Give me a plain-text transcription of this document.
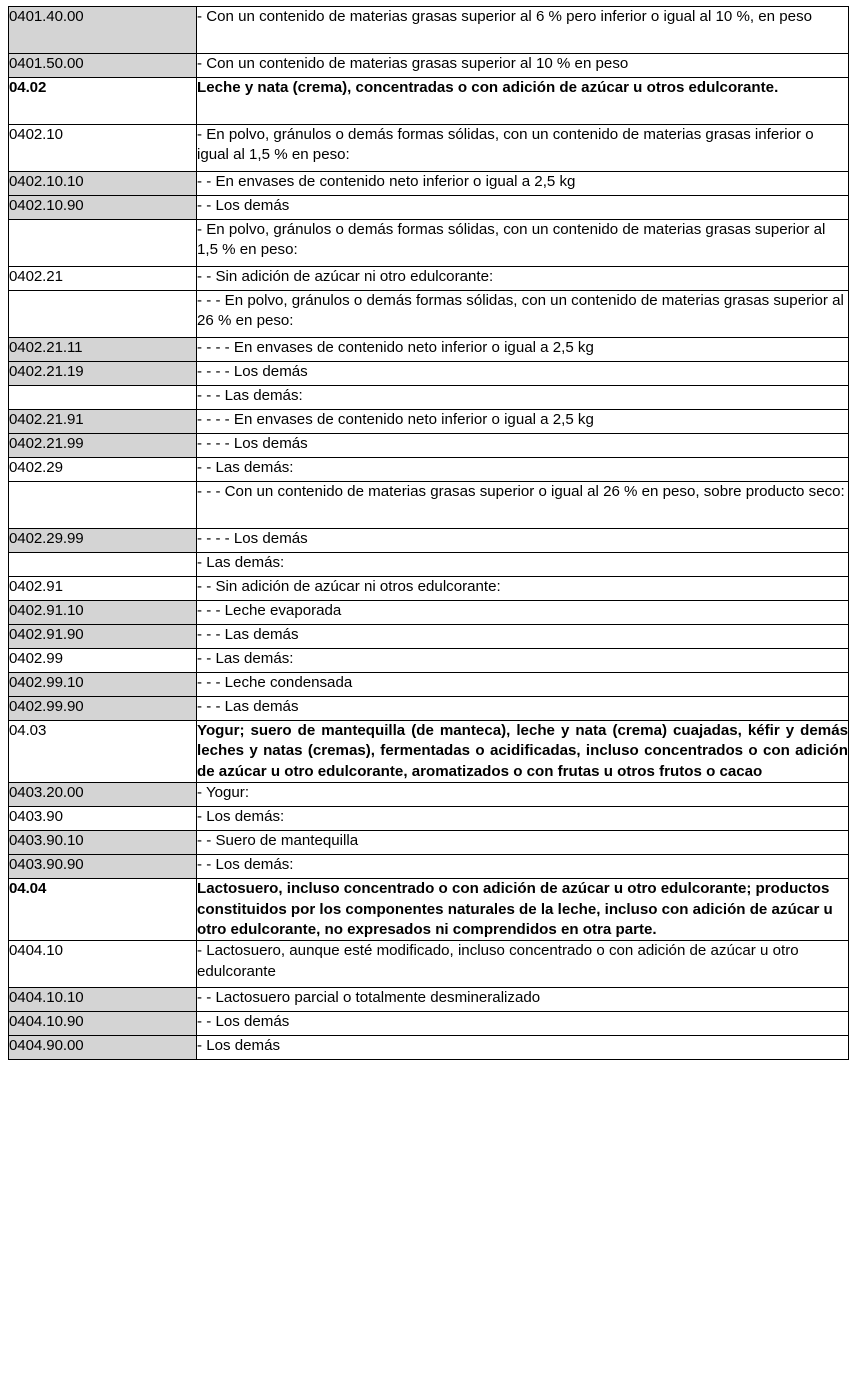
0401.40.00	- Con un contenido de materias grasas superior al 6 % pero inferior o igual al 10 %, en peso

0401.50.00	- Con un contenido de materias grasas superior al 10 % en peso

04.02	Leche y nata (crema), concentradas o con adición de azúcar u otros edulcorante.

0402.10	- En polvo, gránulos o demás formas sólidas, con un contenido de materias grasas inferior o igual al 1,5 % en peso:

0402.10.10	- - En envases de contenido neto inferior o igual a 2,5 kg

0402.10.90	- - Los demás

	- En polvo, gránulos o demás formas sólidas, con un contenido de materias grasas superior al 1,5 % en peso:

0402.21	- - Sin adición de azúcar ni otro edulcorante:

	- - - En polvo, gránulos o demás formas sólidas, con un contenido de materias grasas superior al 26 % en peso:

0402.21.11	- - - - En envases de contenido neto inferior o igual a 2,5 kg

0402.21.19	- - - - Los demás

	- - - Las demás:

0402.21.91	- - - - En envases de contenido neto inferior o igual a 2,5 kg

0402.21.99	- - - - Los demás

0402.29	- - Las demás:

	- - - Con un contenido de materias grasas superior o igual al 26 % en peso, sobre producto seco:

0402.29.99	- - - - Los demás

	- Las demás:

0402.91	- - Sin adición de azúcar ni otros edulcorante:

0402.91.10	- - - Leche evaporada

0402.91.90	- - - Las demás

0402.99	- - Las demás:

0402.99.10	- - - Leche condensada

0402.99.90	- - - Las demás

04.03	Yogur; suero de mantequilla (de manteca), leche y nata (crema) cuajadas, kéfir y demás leches y natas (cremas), fermentadas o acidificadas, incluso concentrados o con adición de azúcar u otro edulcorante, aromatizados o con frutas u otros frutos o cacao

0403.20.00	- Yogur:

0403.90	- Los demás:

0403.90.10	- - Suero de mantequilla

0403.90.90	- - Los demás:

04.04	Lactosuero, incluso concentrado o con adición de azúcar u otro edulcorante; productos constituidos por los componentes naturales de la leche, incluso con adición de azúcar u otro edulcorante, no expresados ni comprendidos en otra parte.

0404.10	- Lactosuero, aunque esté modificado, incluso concentrado o con adición de azúcar u otro edulcorante

0404.10.10	- - Lactosuero parcial o totalmente desmineralizado

0404.10.90	- - Los demás

0404.90.00	- Los demás
